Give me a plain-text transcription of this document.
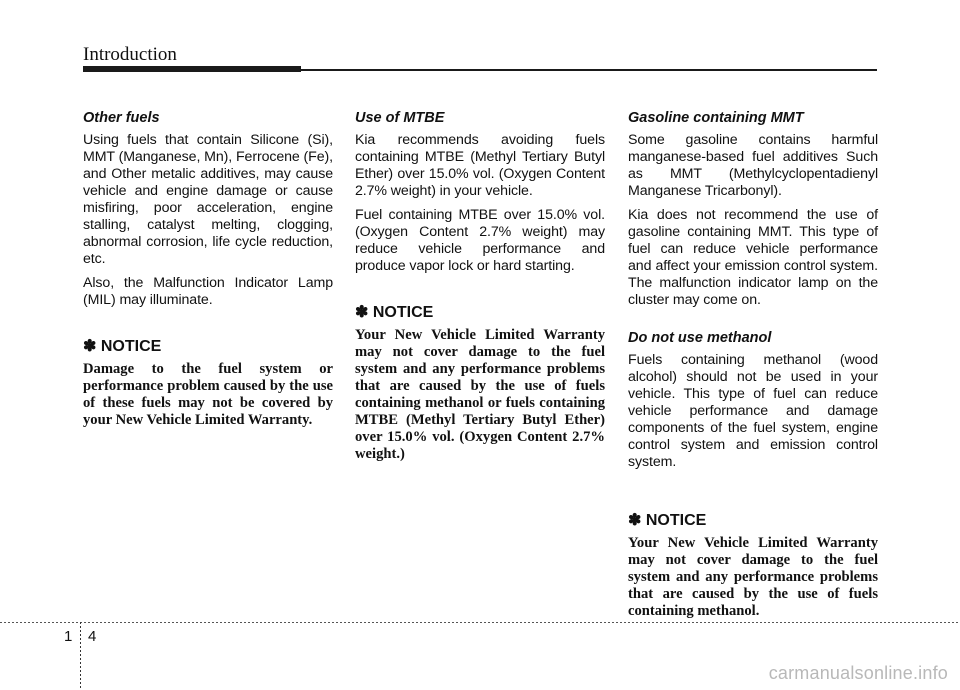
Introduction
Other fuels

Using fuels that contain Silicone (Si), MMT (Manganese, Mn), Ferrocene (Fe), and Other metalic additives, may cause vehicle and engine damage or cause misfiring, poor acceleration, engine stalling, catalyst melting, clogging, abnormal corrosion, life cycle reduction, etc.

Also, the Malfunction Indicator Lamp (MIL) may illuminate.

✽ NOTICE

Damage to the fuel system or performance problem caused by the use of these fuels may not be covered by your New Vehicle Limited Warranty.

Use of MTBE

Kia recommends avoiding fuels containing MTBE (Methyl Tertiary Butyl Ether) over 15.0% vol. (Oxygen Content 2.7% weight) in your vehicle.

Fuel containing MTBE over 15.0% vol. (Oxygen Content 2.7% weight) may reduce vehicle performance and produce vapor lock or hard starting.

✽ NOTICE

Your New Vehicle Limited Warranty may not cover damage to the fuel system and any performance problems that are caused by the use of fuels containing methanol or fuels containing MTBE (Methyl Tertiary Butyl Ether) over 15.0% vol. (Oxygen Content 2.7% weight.)

Gasoline containing MMT

Some gasoline contains harmful manganese-based fuel additives Such as MMT (Methylcyclopentadienyl Manganese Tricarbonyl).

Kia does not recommend the use of gasoline containing MMT. This type of fuel can reduce vehicle performance and affect your emission control system. The malfunction indicator lamp on the cluster may come on.

Do not use methanol

Fuels containing methanol (wood alcohol) should not be used in your vehicle. This type of fuel can reduce vehicle performance and damage components of the fuel system, engine control system and emission control system.

✽ NOTICE

Your New Vehicle Limited Warranty may not cover damage to the fuel system and any performance problems that are caused by the use of fuels containing methanol.

1 4
carmanualsonline.info
